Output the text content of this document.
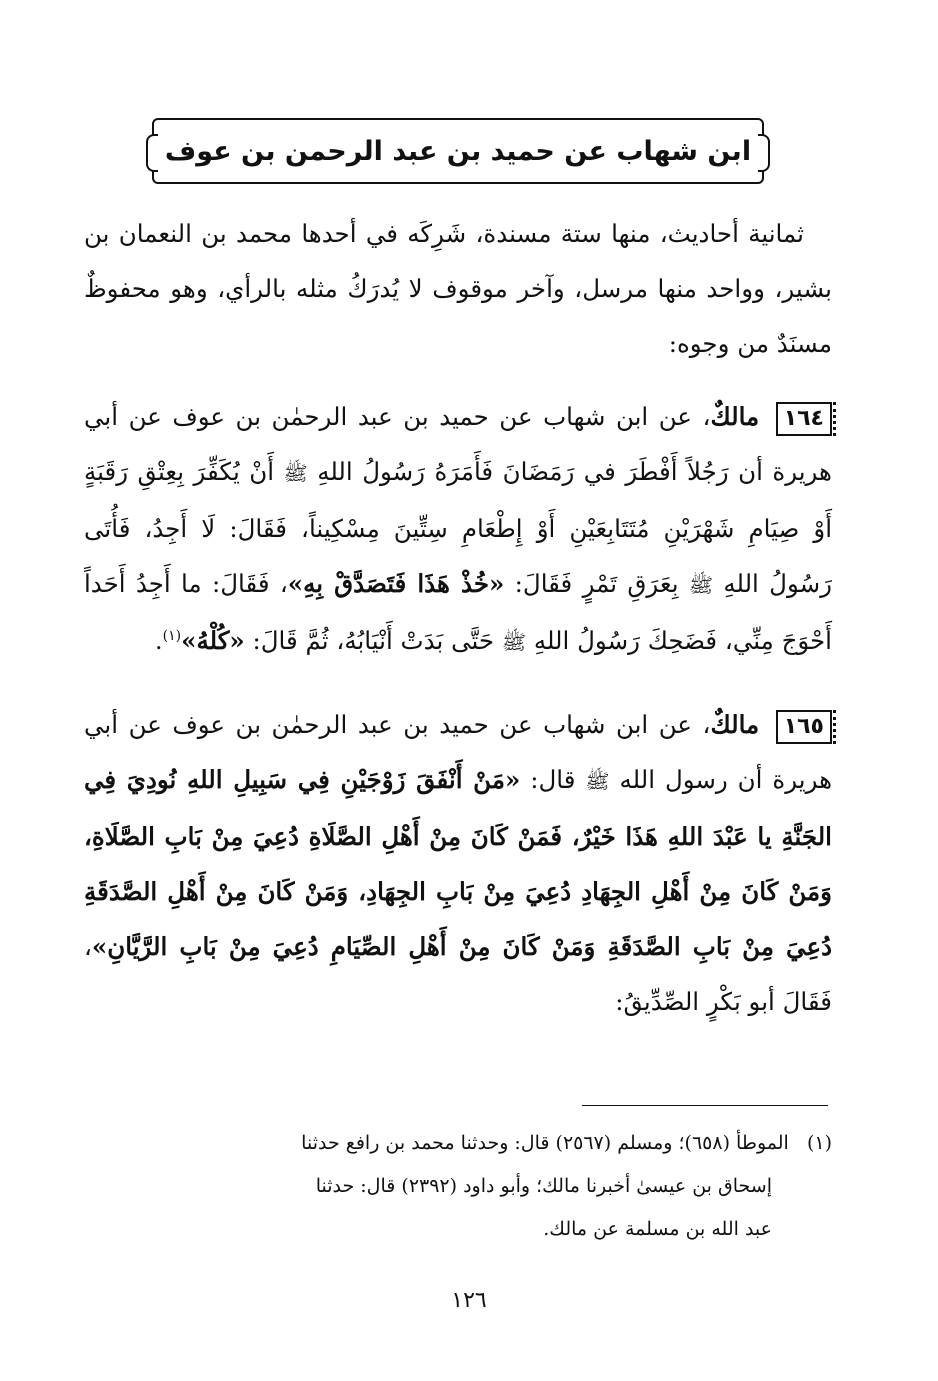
ابن شهاب عن حميد بن عبد الرحمن بن عوف
ثمانية أحاديث، منها ستة مسندة، شَرِكَه في أحدها محمد بن النعمان بن بشير، وواحد منها مرسل، وآخر موقوف لا يُدرَكُ مثله بالرأي، وهو محفوظٌ مسنَدٌ من وجوه:
١٦٤ مالكٌ، عن ابن شهاب عن حميد بن عبد الرحمٰن بن عوف عن أبي هريرة أن رَجُلاً أَفْطَرَ في رَمَضَانَ فَأَمَرَهُ رَسُولُ اللهِ ﷺ أَنْ يُكَفِّرَ بِعِتْقِ رَقَبَةٍ أَوْ صِيَامِ شَهْرَيْنِ مُتَتَابِعَيْنِ أَوْ إِطْعَامِ سِتِّينَ مِسْكِيناً، فَقَالَ: لَا أَجِدُ، فَأُتَى رَسُولُ اللهِ ﷺ بِعَرَقِ تَمْرٍ فَقَالَ: «خُذْ هَذَا فَتَصَدَّقْ بِهِ»، فَقَالَ: ما أَجِدُ أَحَداً أَحْوَجَ مِنِّي، فَضَحِكَ رَسُولُ اللهِ ﷺ حَتَّى بَدَتْ أَنْيَابُهُ، ثُمَّ قَالَ: «كُلْهُ»$^{(١)}$.
١٦٥ مالكٌ، عن ابن شهاب عن حميد بن عبد الرحمٰن بن عوف عن أبي هريرة أن رسول الله ﷺ قال: «مَنْ أَنْفَقَ زَوْجَيْنِ فِي سَبِيلِ اللهِ نُودِيَ فِي الجَنَّةِ يا عَبْدَ اللهِ هَذَا خَيْرٌ، فَمَنْ كَانَ مِنْ أَهْلِ الصَّلَاةِ دُعِيَ مِنْ بَابِ الصَّلَاةِ، وَمَنْ كَانَ مِنْ أَهْلِ الجِهَادِ دُعِيَ مِنْ بَابِ الجِهَادِ، وَمَنْ كَانَ مِنْ أَهْلِ الصَّدَقَةِ دُعِيَ مِنْ بَابِ الصَّدَقَةِ وَمَنْ كَانَ مِنْ أَهْلِ الصِّيَامِ دُعِيَ مِنْ بَابِ الرَّيَّانِ»، فَقَالَ أبو بَكْرٍ الصِّدِّيقُ:
(١)   الموطأ (٦٥٨)؛ ومسلم (٢٥٦٧) قال: وحدثنا محمد بن رافع حدثنا
إسحاق بن عيسىٰ أخبرنا مالك؛ وأبو داود (٢٣٩٢) قال: حدثنا
عبد الله بن مسلمة عن مالك.
١٢٦
